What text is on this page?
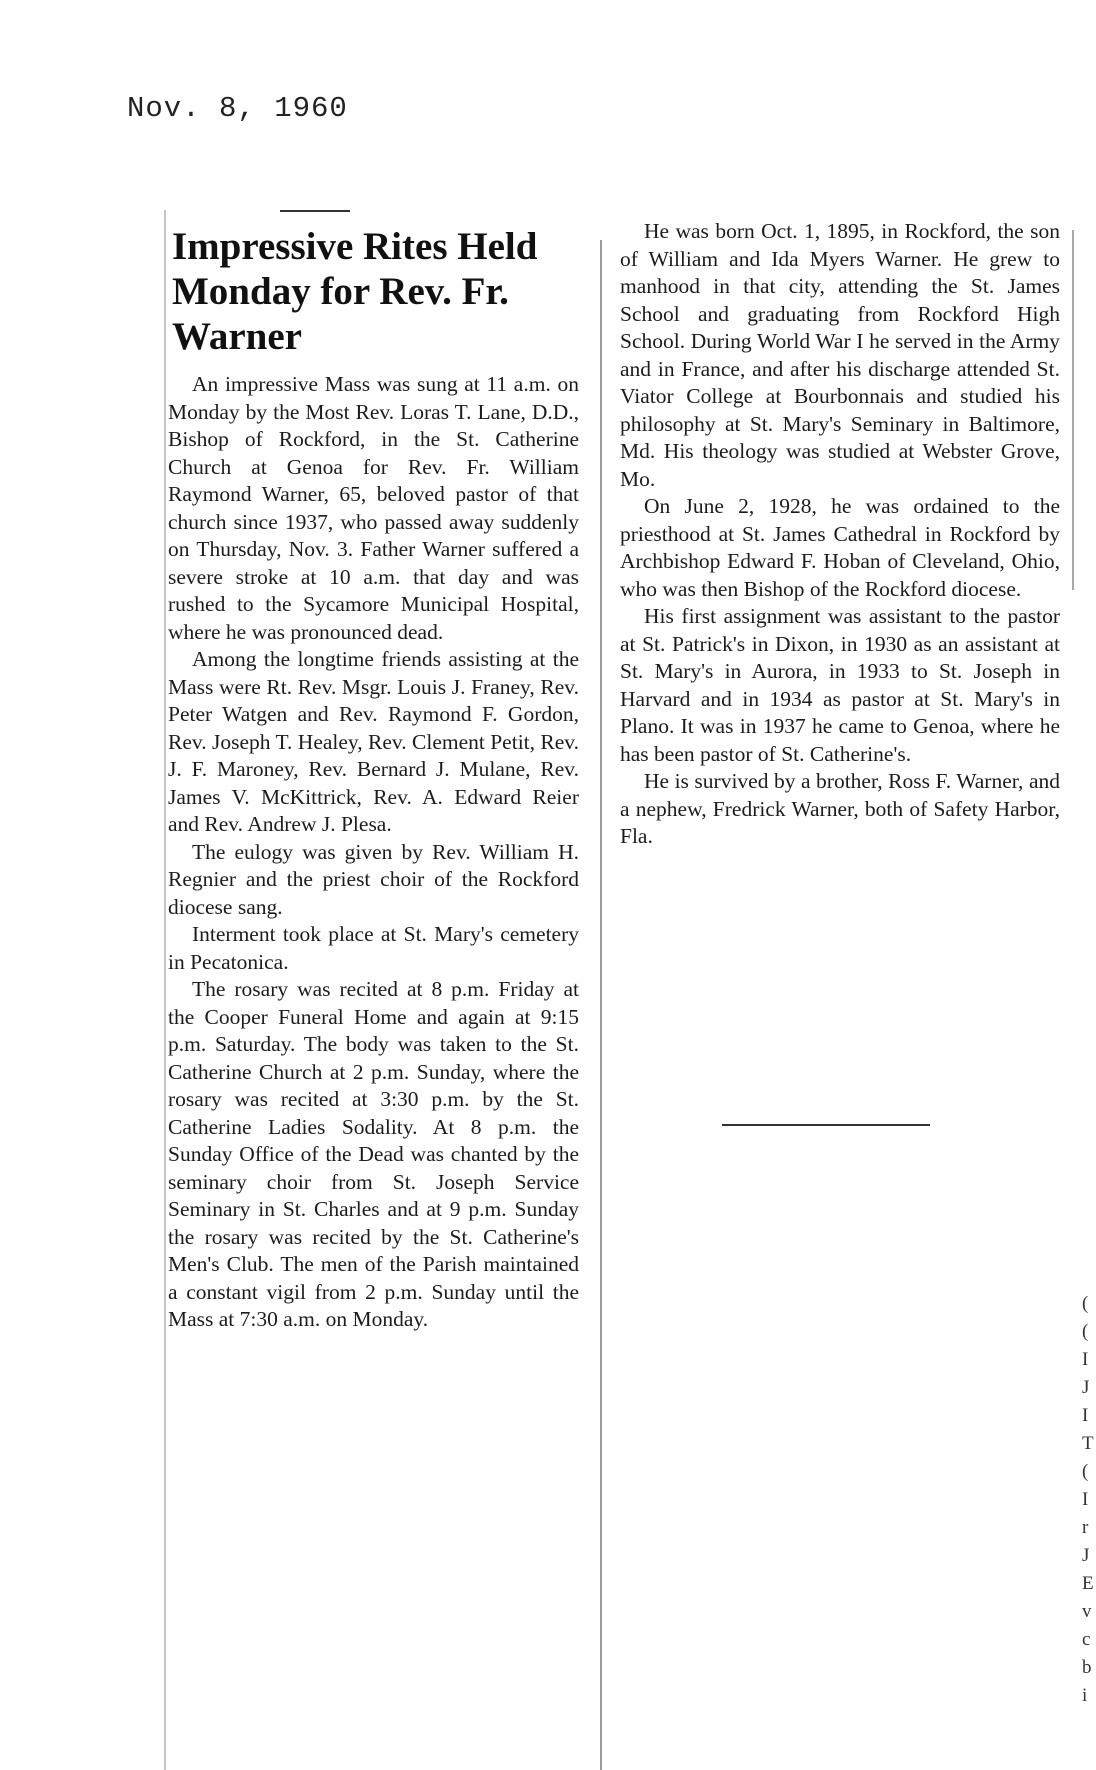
Nov. 8, 1960
Impressive Rites Held Monday for Rev. Fr. Warner

An impressive Mass was sung at 11 a.m. on Monday by the Most Rev. Loras T. Lane, D.D., Bishop of Rockford, in the St. Catherine Church at Genoa for Rev. Fr. William Raymond Warner, 65, beloved pastor of that church since 1937, who passed away suddenly on Thursday, Nov. 3. Father Warner suffered a severe stroke at 10 a.m. that day and was rushed to the Sycamore Municipal Hospital, where he was pronounced dead.

Among the longtime friends assisting at the Mass were Rt. Rev. Msgr. Louis J. Franey, Rev. Peter Watgen and Rev. Raymond F. Gordon, Rev. Joseph T. Healey, Rev. Clement Petit, Rev. J. F. Maroney, Rev. Bernard J. Mulane, Rev. James V. McKittrick, Rev. A. Edward Reier and Rev. Andrew J. Plesa.

The eulogy was given by Rev. William H. Regnier and the priest choir of the Rockford diocese sang.

Interment took place at St. Mary's cemetery in Pecatonica.

The rosary was recited at 8 p.m. Friday at the Cooper Funeral Home and again at 9:15 p.m. Saturday. The body was taken to the St. Catherine Church at 2 p.m. Sunday, where the rosary was recited at 3:30 p.m. by the St. Catherine Ladies Sodality. At 8 p.m. the Sunday Office of the Dead was chanted by the seminary choir from St. Joseph Service Seminary in St. Charles and at 9 p.m. Sunday the rosary was recited by the St. Catherine's Men's Club. The men of the Parish maintained a constant vigil from 2 p.m. Sunday until the Mass at 7:30 a.m. on Monday.

He was born Oct. 1, 1895, in Rockford, the son of William and Ida Myers Warner. He grew to manhood in that city, attending the St. James School and graduating from Rockford High School. During World War I he served in the Army and in France, and after his discharge attended St. Viator College at Bourbonnais and studied his philosophy at St. Mary's Seminary in Baltimore, Md. His theology was studied at Webster Grove, Mo.

On June 2, 1928, he was ordained to the priesthood at St. James Cathedral in Rockford by Archbishop Edward F. Hoban of Cleveland, Ohio, who was then Bishop of the Rockford diocese.

His first assignment was assistant to the pastor at St. Patrick's in Dixon, in 1930 as an assistant at St. Mary's in Aurora, in 1933 to St. Joseph in Harvard and in 1934 as pastor at St. Mary's in Plano. It was in 1937 he came to Genoa, where he has been pastor of St. Catherine's.

He is survived by a brother, Ross F. Warner, and a nephew, Fredrick Warner, both of Safety Harbor, Fla.

(
(
I
J
I
T
(
I
r
J
E
v
c
b
i
